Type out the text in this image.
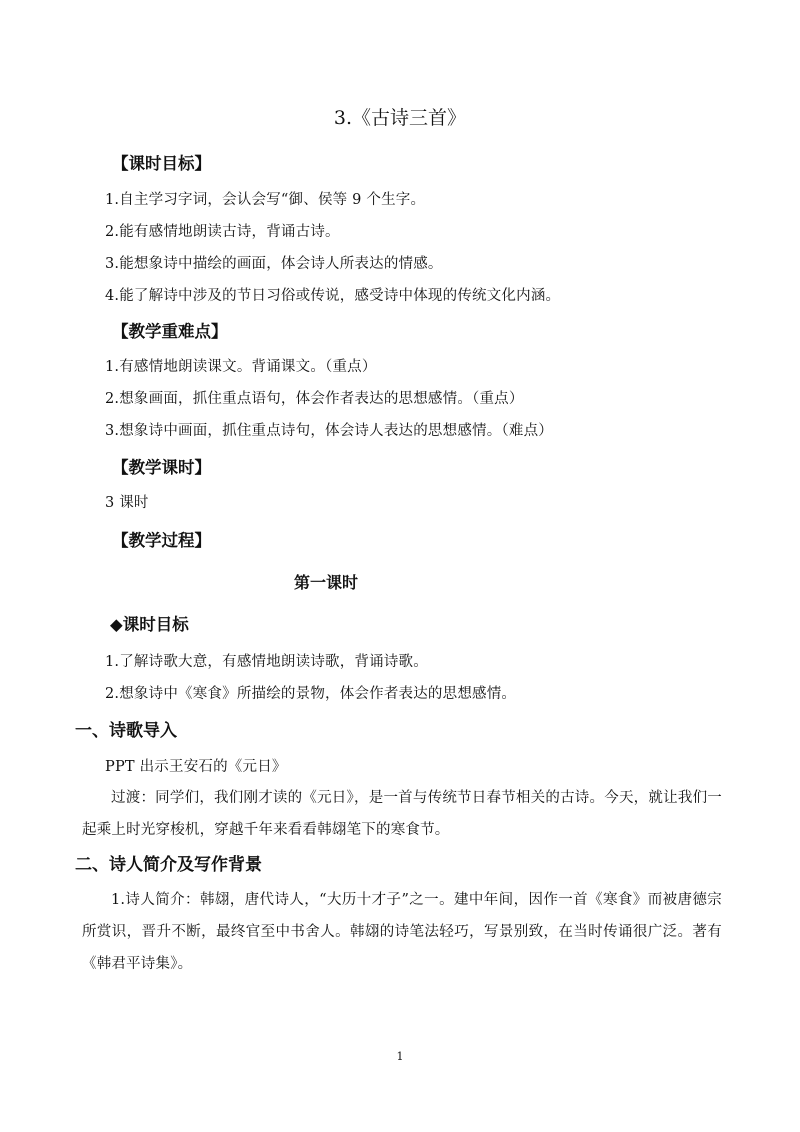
3.《古诗三首》
【课时目标】
1.自主学习字词，会认会写“御、侯等 9 个生字。
2.能有感情地朗读古诗，背诵古诗。
3.能想象诗中描绘的画面，体会诗人所表达的情感。
4.能了解诗中涉及的节日习俗或传说，感受诗中体现的传统文化内涵。
【教学重难点】
1.有感情地朗读课文。背诵课文。（重点）
2.想象画面，抓住重点语句，体会作者表达的思想感情。（重点）
3.想象诗中画面，抓住重点诗句，体会诗人表达的思想感情。（难点）
【教学课时】
3 课时
【教学过程】
第一课时
◆课时目标
1.了解诗歌大意，有感情地朗读诗歌，背诵诗歌。
2.想象诗中《寒食》所描绘的景物，体会作者表达的思想感情。
一、诗歌导入
PPT 出示王安石的《元日》
过渡：同学们，我们刚才读的《元日》，是一首与传统节日春节相关的古诗。今天，就让我们一起乘上时光穿梭机，穿越千年来看看韩翃笔下的寒食节。
二、诗人简介及写作背景
1.诗人简介：韩翃，唐代诗人，“大历十才子”之一。建中年间，因作一首《寒食》而被唐德宗所赏识，晋升不断，最终官至中书舍人。韩翃的诗笔法轻巧，写景别致，在当时传诵很广泛。著有《韩君平诗集》。
1
